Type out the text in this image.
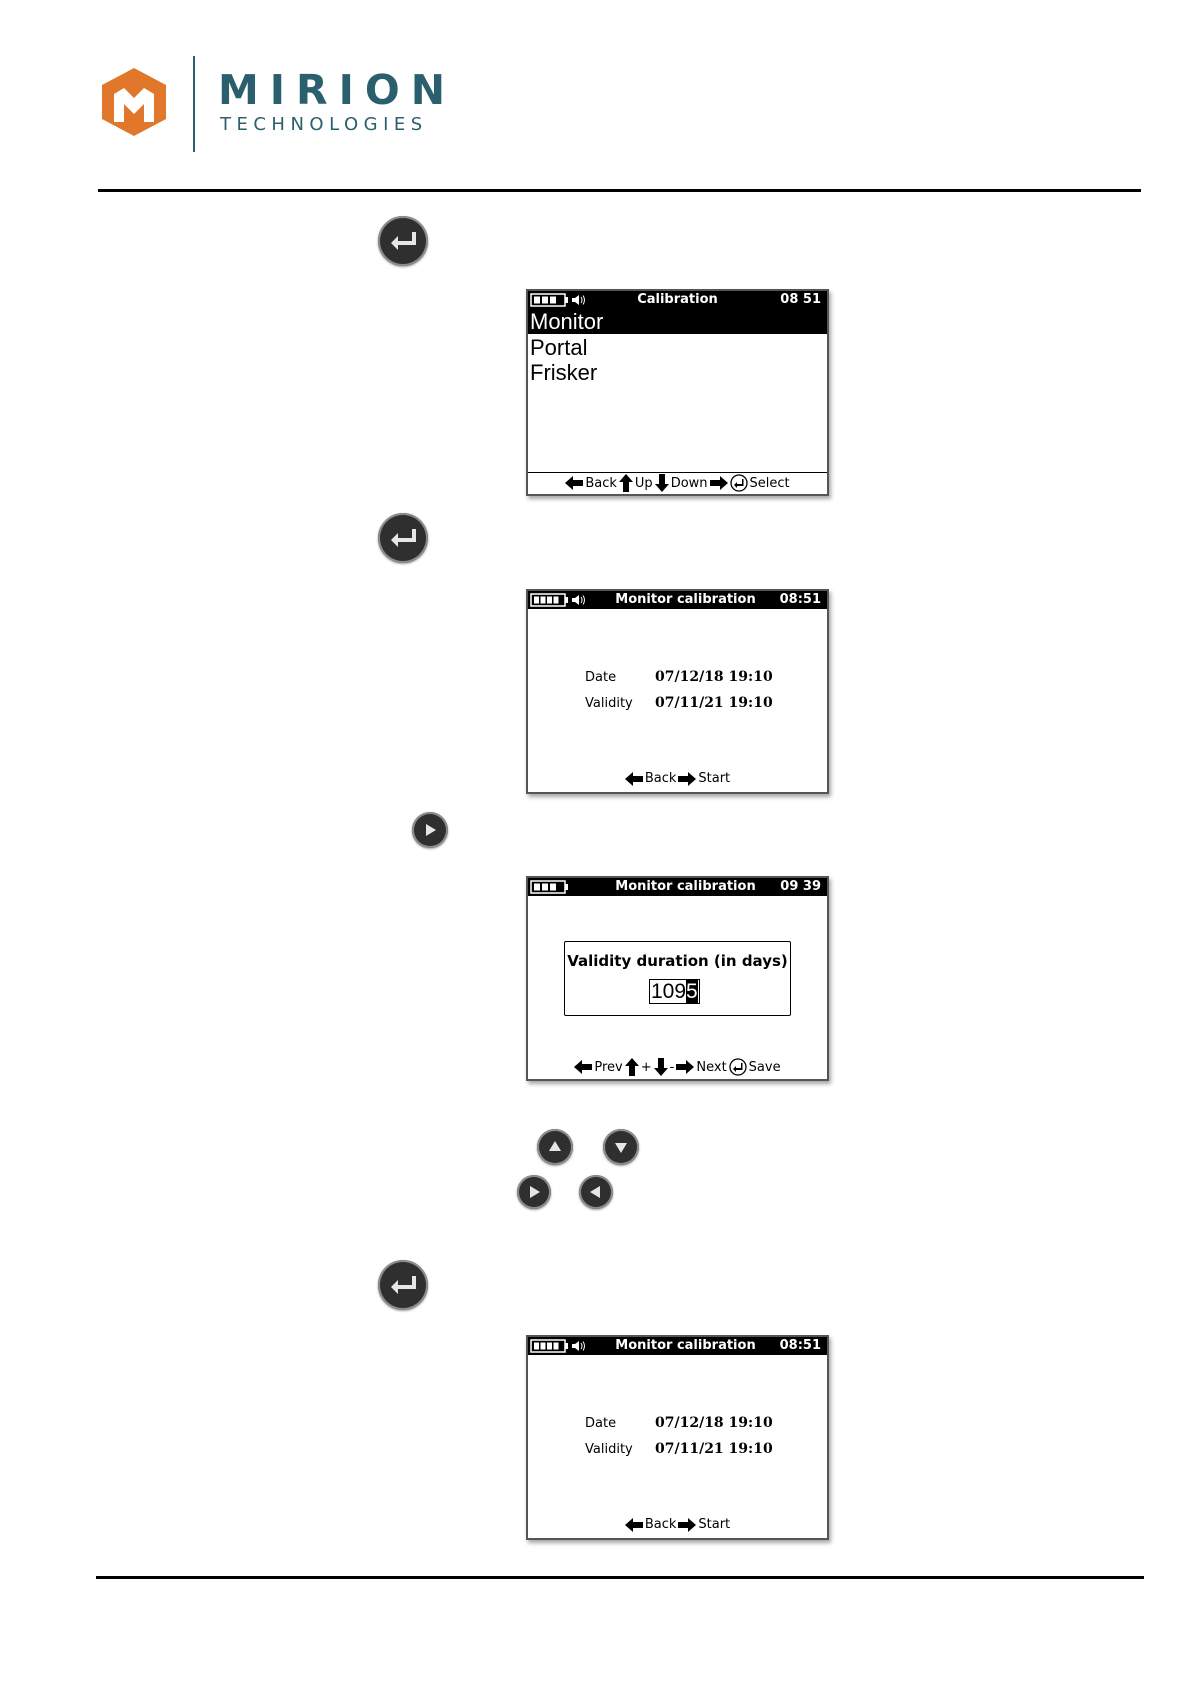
MIRION
TECHNOLOGIES
Calibration	08 51
Monitor
Portal
Frisker
Back Up Down	Select
Monitor calibration	08:51
Date	07/12/18 19:10
Validity 07/11/21 19:10
Back Start
Monitor calibration	09 39
Validity duration (in days)
1095
Prev + - Next Save
Monitor calibration	08:51
Date	07/12/18 19:10
Validity 07/11/21 19:10
Back Start
